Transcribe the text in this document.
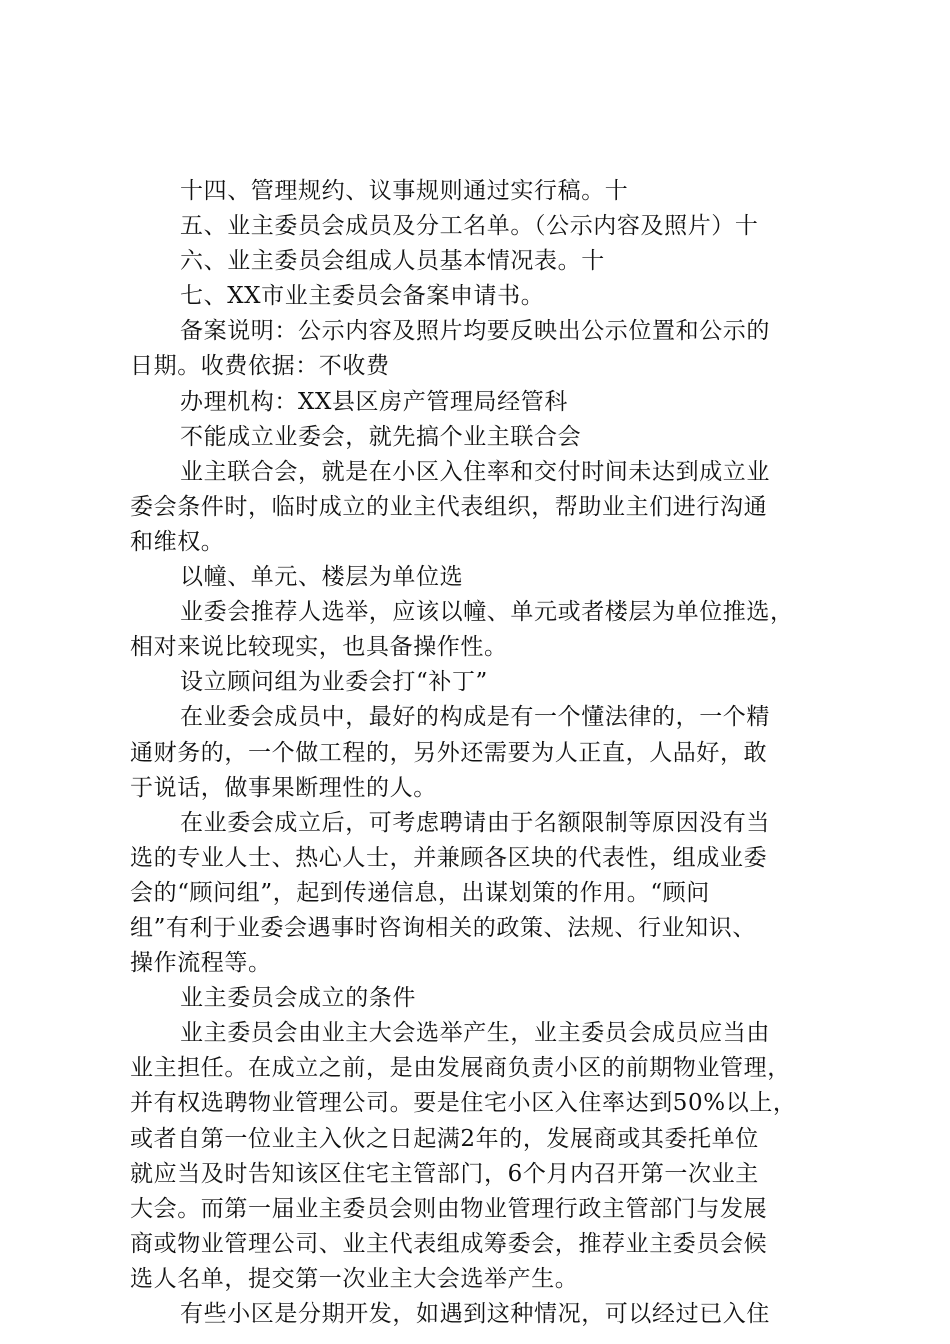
十四、管理规约、议事规则通过实行稿。十
五、业主委员会成员及分工名单。（公示内容及照片）十
六、业主委员会组成人员基本情况表。十
七、XX市业主委员会备案申请书。
备案说明：公示内容及照片均要反映出公示位置和公示的
日期。收费依据：不收费
办理机构：XX县区房产管理局经管科
不能成立业委会，就先搞个业主联合会
业主联合会，就是在小区入住率和交付时间未达到成立业
委会条件时，临时成立的业主代表组织，帮助业主们进行沟通
和维权。
以幢、单元、楼层为单位选
业委会推荐人选举，应该以幢、单元或者楼层为单位推选，
相对来说比较现实，也具备操作性。
设立顾问组为业委会打“补丁”
在业委会成员中，最好的构成是有一个懂法律的，一个精
通财务的，一个做工程的，另外还需要为人正直，人品好，敢
于说话，做事果断理性的人。
在业委会成立后，可考虑聘请由于名额限制等原因没有当
选的专业人士、热心人士，并兼顾各区块的代表性，组成业委
会的“顾问组”，起到传递信息，出谋划策的作用。“顾问
组”有利于业委会遇事时咨询相关的政策、法规、行业知识、
操作流程等。
业主委员会成立的条件
业主委员会由业主大会选举产生，业主委员会成员应当由
业主担任。在成立之前，是由发展商负责小区的前期物业管理，
并有权选聘物业管理公司。要是住宅小区入住率达到50%以上，
或者自第一位业主入伙之日起满2年的，发展商或其委托单位
就应当及时告知该区住宅主管部门，6个月内召开第一次业主
大会。而第一届业主委员会则由物业管理行政主管部门与发展
商或物业管理公司、业主代表组成筹委会，推荐业主委员会候
选人名单，提交第一次业主大会选举产生。
有些小区是分期开发，如遇到这种情况，可以经过已入住
